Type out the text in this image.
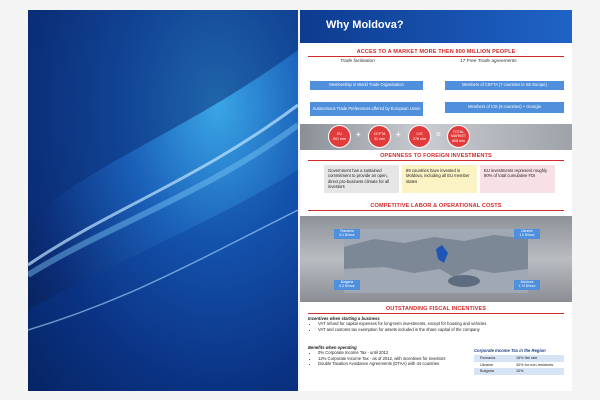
Why Moldova?
ACCES TO A MARKET MORE THEN 800 MILLION PEOPLE
Trade facilitation	17 Free Trade agreements
Membership in World Trade Organization
Autonomous Trade Preferences offered by European Union
Members of CEFTA (7 countries in SE Europe)
Members of CIS (9 countries) + Georgia
EU
501 mln +	CEFTA
31 mln +	CIS
276 mln =	TOTAL MARKET
808 mln
OPENNESS TO FOREIGN INVESTMENTS
Government has a sustained commitment to provide an open, direct pro-business climate for all investors
89 countries have invested in Moldova, including all EU member states
EU investments represent roughly 80% of total cumulative FDI
COMPETITIVE LABOR & OPERATIONAL COSTS
Romania
6.1 $/hour
Ukraine
1.0 $/hour
Bulgaria
6.3 $/hour
Moldova
1.74 $/hour
OUTSTANDING FISCAL INCENTIVES
Incentives when starting a business
• VAT refund for capital expenses for long-term investments, except for housing and vehicles
• VAT and customs tax exemption for assets included in the share capital of the company
Benefits when operating
• 0% Corporate Income Tax - until 2012
• 12% Corporate Income Tax - as of 2012, with incentives for investors
• Double Taxation Avoidance Agreements (DTAA) with 44 countries
Corporate Income Tax in the Region
Romania	16% flat rate
Ukraine	30% for non-residents
Bulgaria	10%
